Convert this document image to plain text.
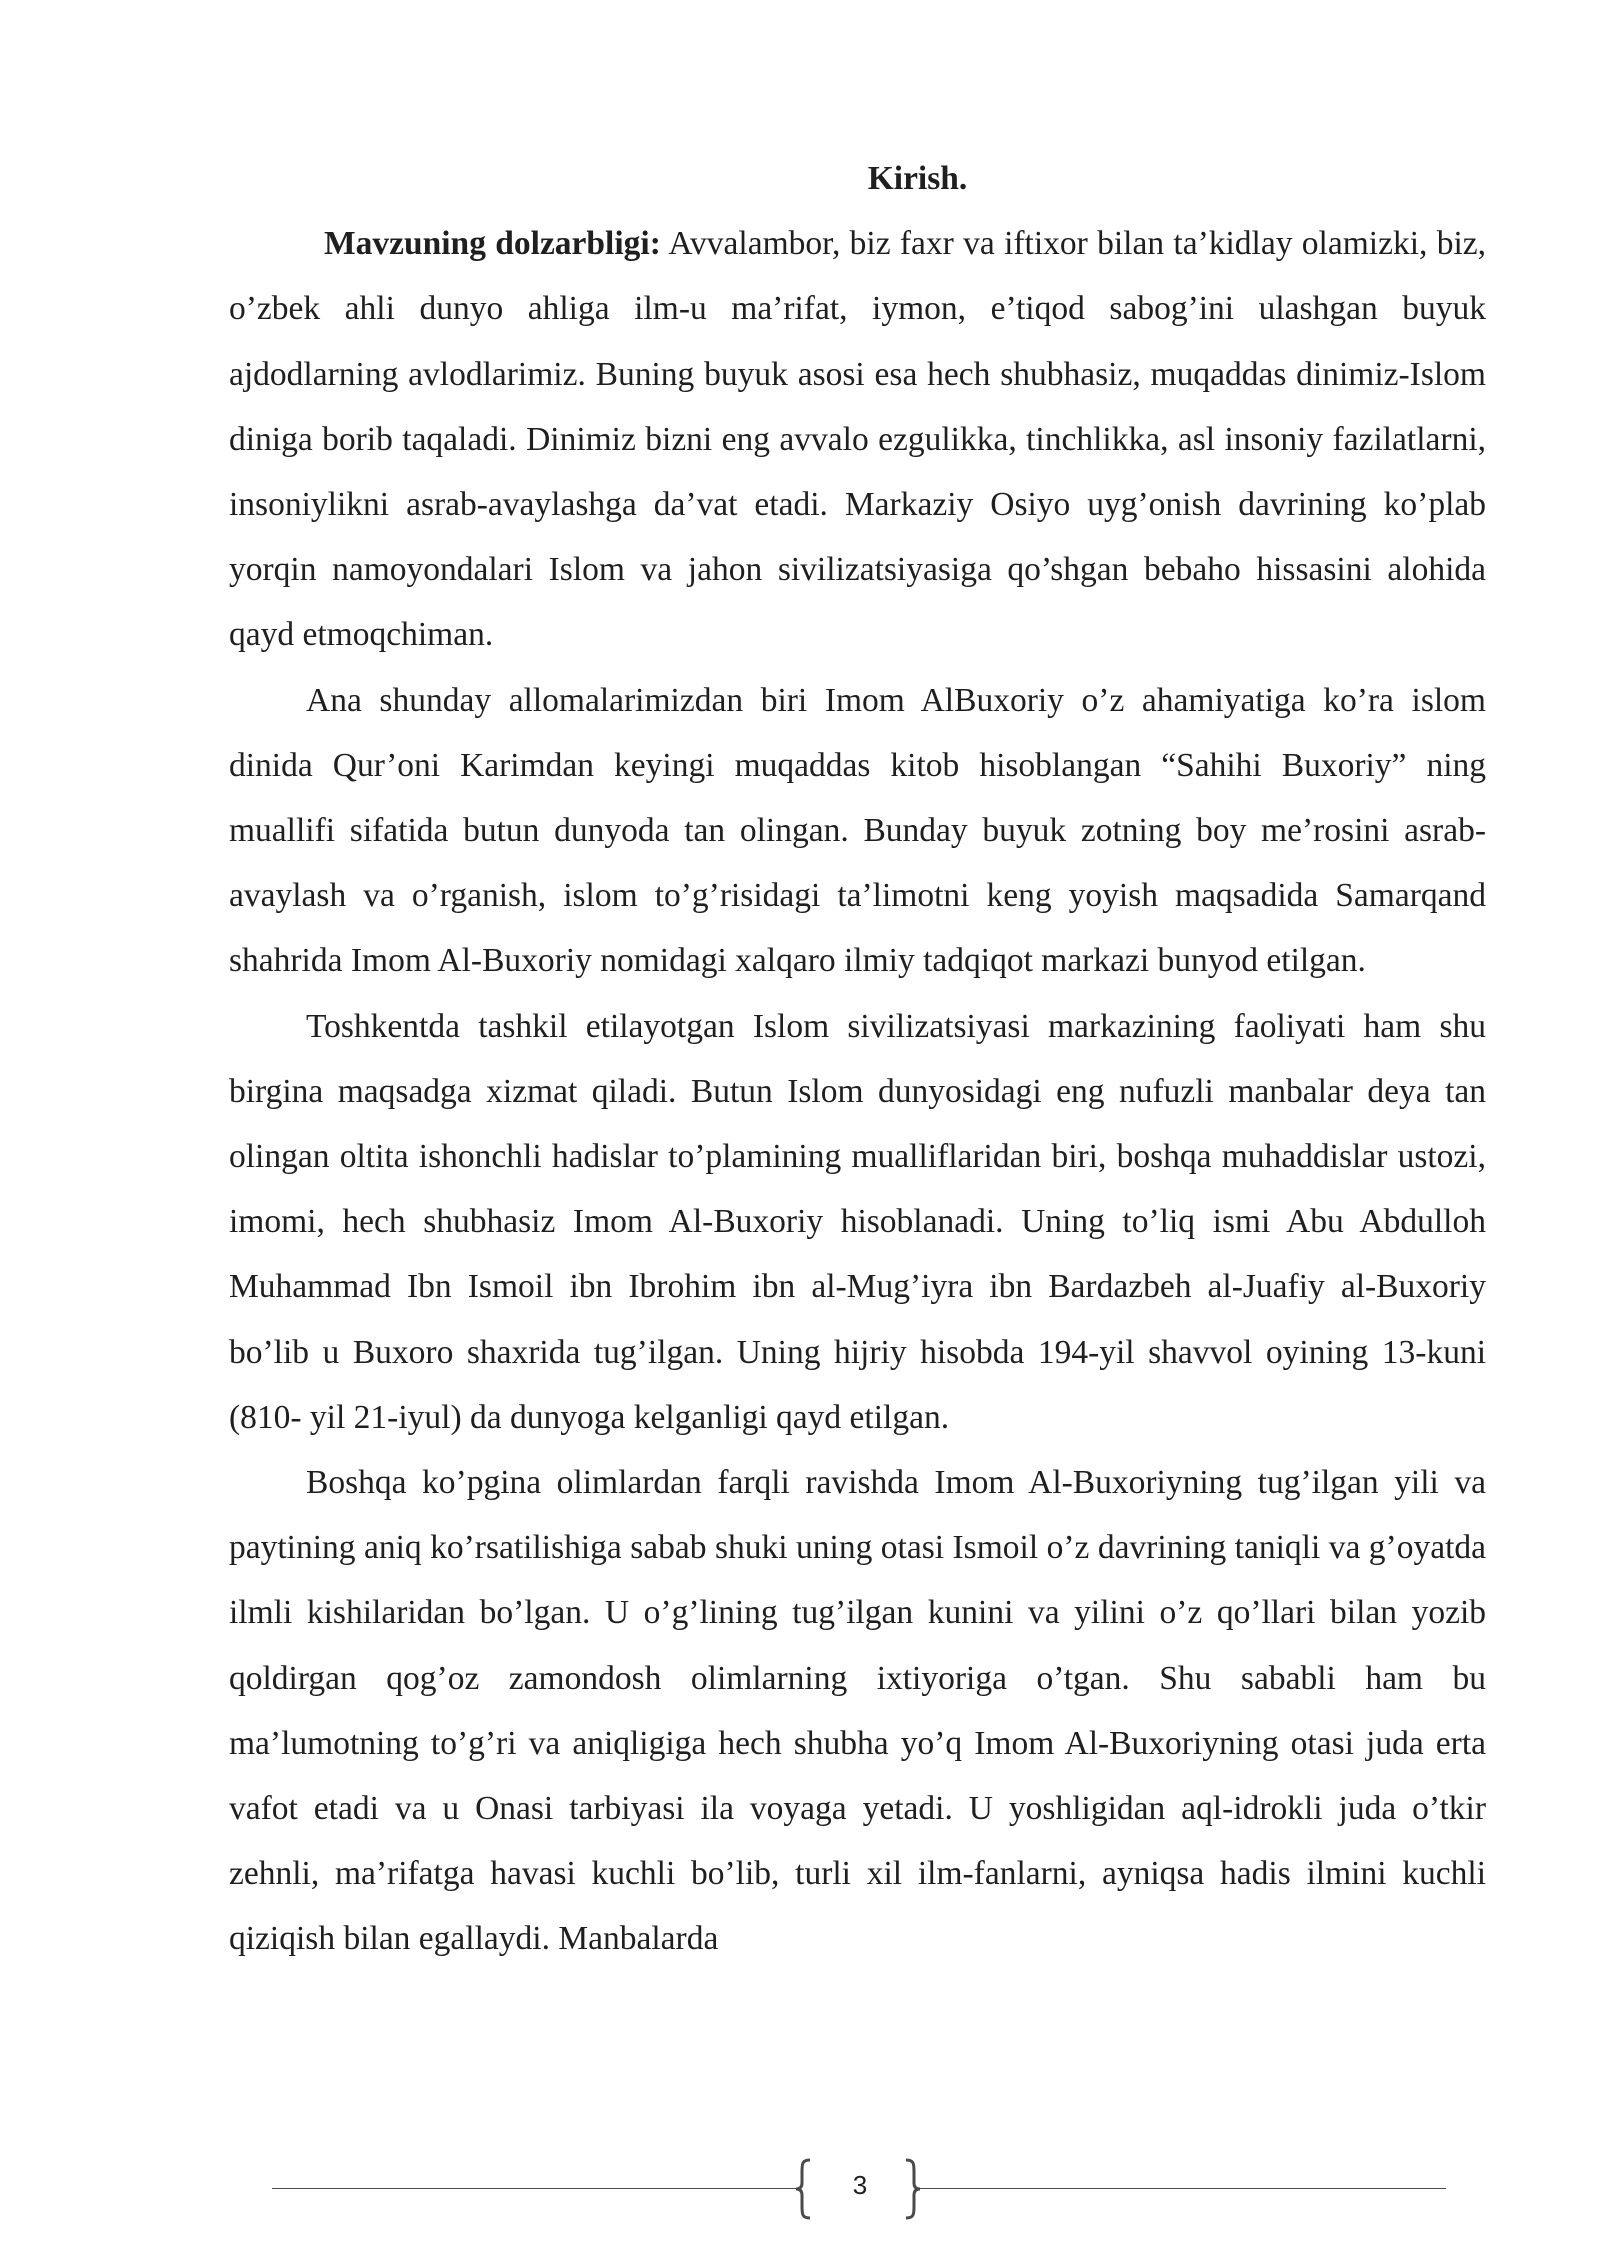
Kirish.

Mavzuning dolzarbligi: Avvalambor, biz faxr va iftixor bilan ta’kidlay olamizki, biz, o’zbek ahli dunyo ahliga ilm-u ma’rifat, iymon, e’tiqod sabog’ini ulashgan buyuk ajdodlarning avlodlarimiz. Buning buyuk asosi esa hech shubhasiz, muqaddas dinimiz-Islom diniga borib taqaladi. Dinimiz bizni eng avvalo ezgulikka, tinchlikka, asl insoniy fazilatlarni, insoniylikni asrab-avaylashga da’vat etadi. Markaziy Osiyo uyg’onish davrining ko’plab yorqin namoyondalari Islom va jahon sivilizatsiyasiga qo’shgan bebaho hissasini alohida qayd etmoqchiman.

Ana shunday allomalarimizdan biri Imom AlBuxoriy o’z ahamiyatiga ko’ra islom dinida Qur’oni Karimdan keyingi muqaddas kitob hisoblangan “Sahihi Buxoriy” ning muallifi sifatida butun dunyoda tan olingan. Bunday buyuk zotning boy me’rosini asrab-avaylash va o’rganish, islom to’g’risidagi ta’limotni keng yoyish maqsadida Samarqand shahrida Imom Al-Buxoriy nomidagi xalqaro ilmiy tadqiqot markazi bunyod etilgan.

Toshkentda tashkil etilayotgan Islom sivilizatsiyasi markazining faoliyati ham shu birgina maqsadga xizmat qiladi. Butun Islom dunyosidagi eng nufuzli manbalar deya tan olingan oltita ishonchli hadislar to’plamining mualliflaridan biri, boshqa muhaddislar ustozi, imomi, hech shubhasiz Imom Al-Buxoriy hisoblanadi. Uning to’liq ismi Abu Abdulloh Muhammad Ibn Ismoil ibn Ibrohim ibn al-Mug’iyra ibn Bardazbeh al-Juafiy al-Buxoriy bo’lib u Buxoro shaxrida tug’ilgan. Uning hijriy hisobda 194-yil shavvol oyining 13-kuni (810- yil 21-iyul) da dunyoga kelganligi qayd etilgan.

Boshqa ko’pgina olimlardan farqli ravishda Imom Al-Buxoriyning tug’ilgan yili va paytining aniq ko’rsatilishiga sabab shuki uning otasi Ismoil o’z davrining taniqli va g’oyatda ilmli kishilaridan bo’lgan. U o’g’lining tug’ilgan kunini va yilini o’z qo’llari bilan yozib qoldirgan qog’oz zamondosh olimlarning ixtiyoriga o’tgan. Shu sababli ham bu ma’lumotning to’g’ri va aniqligiga hech shubha yo’q Imom Al-Buxoriyning otasi juda erta vafot etadi va u Onasi tarbiyasi ila voyaga yetadi. U yoshligidan aql-idrokli juda o’tkir zehnli, ma’rifatga havasi kuchli bo’lib, turli xil ilm-fanlarni, ayniqsa hadis ilmini kuchli qiziqish bilan egallaydi. Manbalarda

3
